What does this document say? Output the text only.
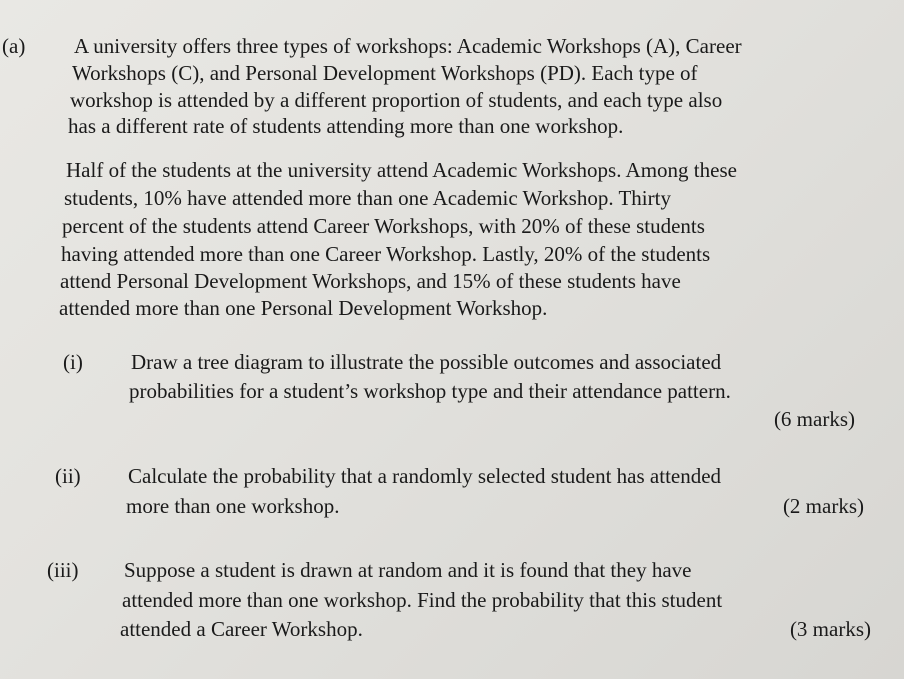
(a) A university offers three types of workshops: Academic Workshops (A), Career
Workshops (C), and Personal Development Workshops (PD). Each type of
workshop is attended by a different proportion of students, and each type also
has a different rate of students attending more than one workshop.
Half of the students at the university attend Academic Workshops. Among these
students, 10% have attended more than one Academic Workshop. Thirty
percent of the students attend Career Workshops, with 20% of these students
having attended more than one Career Workshop. Lastly, 20% of the students
attend Personal Development Workshops, and 15% of these students have
attended more than one Personal Development Workshop.
(i) Draw a tree diagram to illustrate the possible outcomes and associated
probabilities for a student’s workshop type and their attendance pattern.
(6 marks)
(ii) Calculate the probability that a randomly selected student has attended
more than one workshop.	(2 marks)
(iii) Suppose a student is drawn at random and it is found that they have
attended more than one workshop. Find the probability that this student
attended a Career Workshop.	(3 marks)
